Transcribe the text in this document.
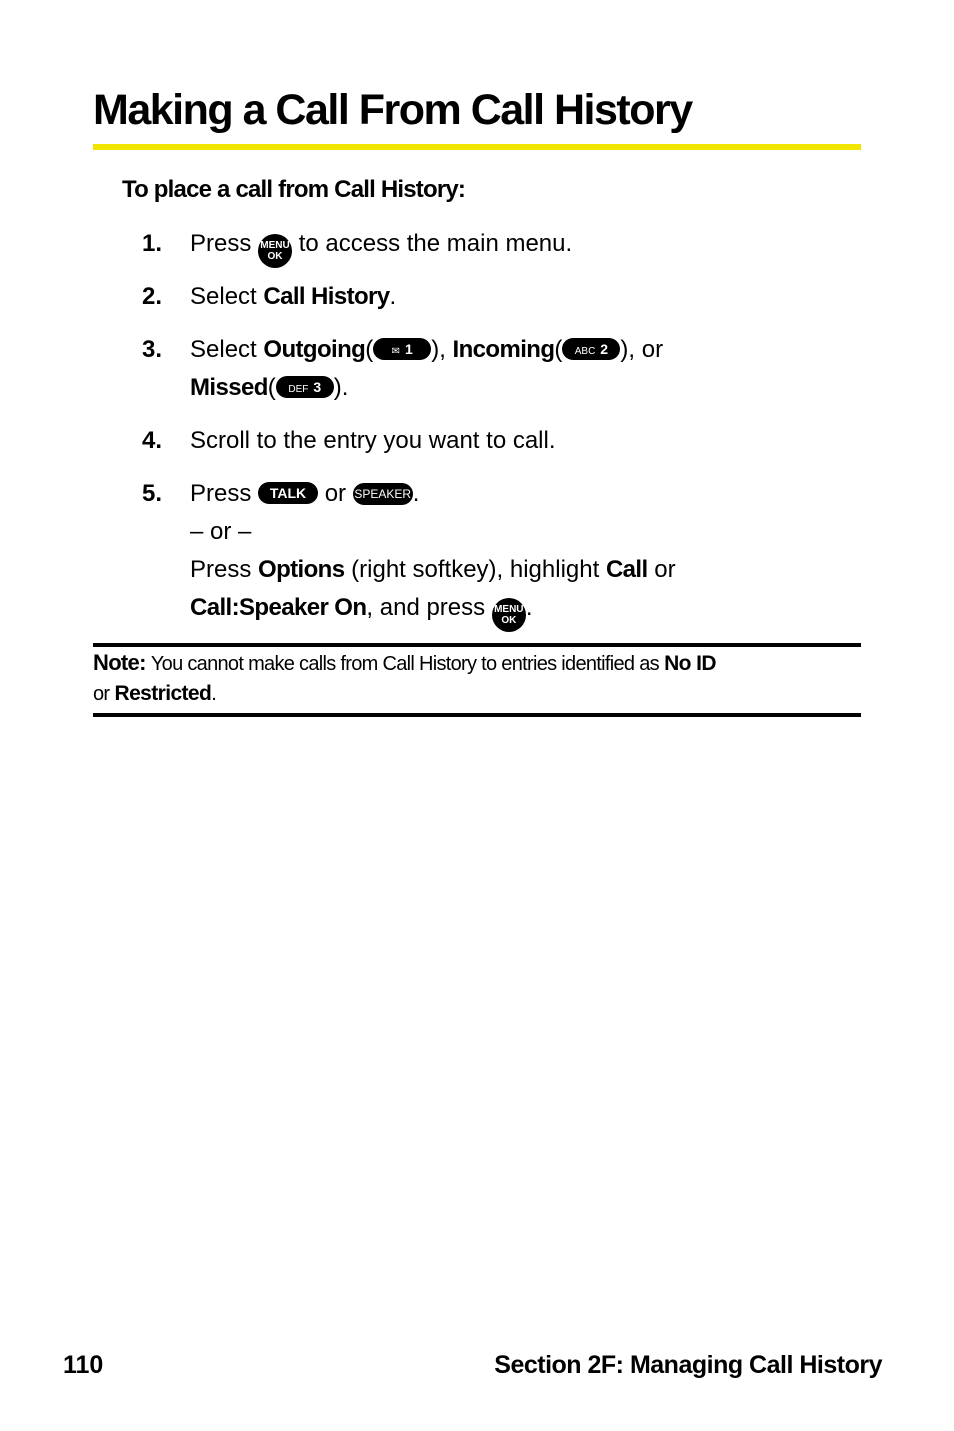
Making a Call From Call History
To place a call from Call History:
1. Press MENU
OK to access the main menu.
2. Select Call History.
3. Select Outgoing( ✉ 1 ), Incoming( ABC 2 ), or
Missed( DEF 3 ).
4. Scroll to the entry you want to call.
5. Press TALK or SPEAKER.
– or –
Press Options (right softkey), highlight Call or
Call:Speaker On, and press MENU
OK .
Note: You cannot make calls from Call History to entries identified as No ID
or Restricted.
110	Section 2F: Managing Call History
